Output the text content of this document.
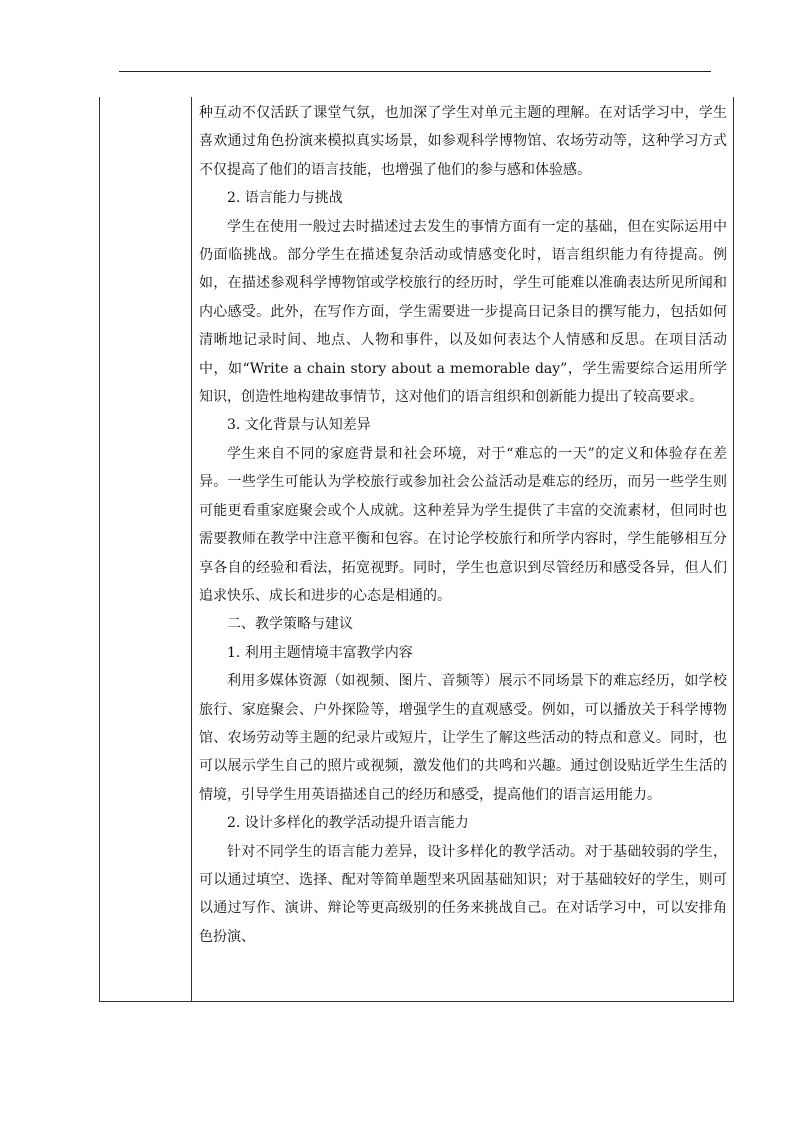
种互动不仅活跃了课堂气氛，也加深了学生对单元主题的理解。在对话学习中，学生喜欢通过角色扮演来模拟真实场景，如参观科学博物馆、农场劳动等，这种学习方式不仅提高了他们的语言技能，也增强了他们的参与感和体验感。

2. 语言能力与挑战

学生在使用一般过去时描述过去发生的事情方面有一定的基础，但在实际运用中仍面临挑战。部分学生在描述复杂活动或情感变化时，语言组织能力有待提高。例如，在描述参观科学博物馆或学校旅行的经历时，学生可能难以准确表达所见所闻和内心感受。此外，在写作方面，学生需要进一步提高日记条目的撰写能力，包括如何清晰地记录时间、地点、人物和事件，以及如何表达个人情感和反思。在项目活动中，如“Write a chain story about a memorable day”，学生需要综合运用所学知识，创造性地构建故事情节，这对他们的语言组织和创新能力提出了较高要求。

3. 文化背景与认知差异

学生来自不同的家庭背景和社会环境，对于“难忘的一天”的定义和体验存在差异。一些学生可能认为学校旅行或参加社会公益活动是难忘的经历，而另一些学生则可能更看重家庭聚会或个人成就。这种差异为学生提供了丰富的交流素材，但同时也需要教师在教学中注意平衡和包容。在讨论学校旅行和所学内容时，学生能够相互分享各自的经验和看法，拓宽视野。同时，学生也意识到尽管经历和感受各异，但人们追求快乐、成长和进步的心态是相通的。

二、教学策略与建议

1. 利用主题情境丰富教学内容

利用多媒体资源（如视频、图片、音频等）展示不同场景下的难忘经历，如学校旅行、家庭聚会、户外探险等，增强学生的直观感受。例如，可以播放关于科学博物馆、农场劳动等主题的纪录片或短片，让学生了解这些活动的特点和意义。同时，也可以展示学生自己的照片或视频，激发他们的共鸣和兴趣。通过创设贴近学生生活的情境，引导学生用英语描述自己的经历和感受，提高他们的语言运用能力。

2. 设计多样化的教学活动提升语言能力

针对不同学生的语言能力差异，设计多样化的教学活动。对于基础较弱的学生，可以通过填空、选择、配对等简单题型来巩固基础知识；对于基础较好的学生，则可以通过写作、演讲、辩论等更高级别的任务来挑战自己。在对话学习中，可以安排角色扮演、
